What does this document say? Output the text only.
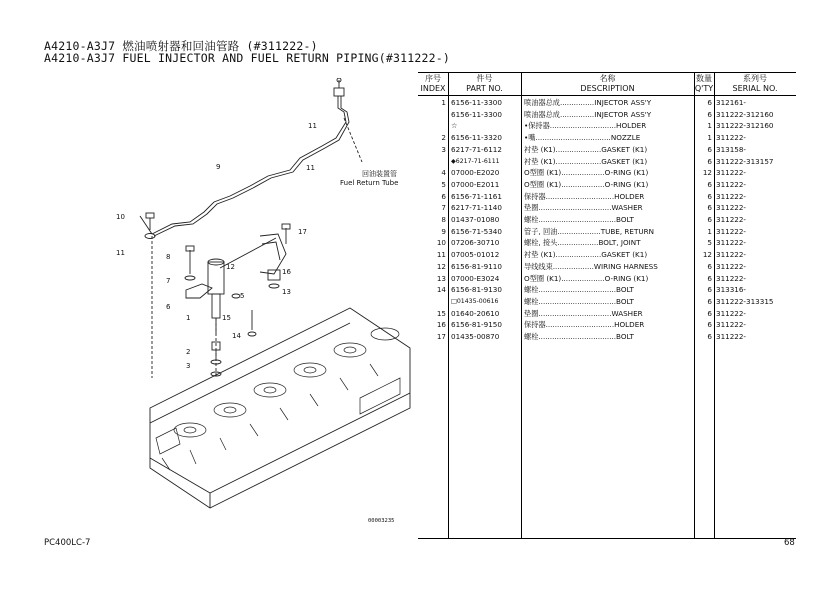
A4210-A3J7 燃油喷射器和回油管路 (#311222-)
A4210-A3J7 FUEL INJECTOR AND FUEL RETURN PIPING(#311222-)
11
11
9
10
11
17
8
12
16
7
6
5	13
1	15
14
2
3
回油装置管
Fuel Return Tube
00003235
序号
INDEX
件号
PART NO.
名称
DESCRIPTION
数量
Q'TY
系列号
SERIAL NO.
1 6156-11-3300	喷油器总成...............INJECTOR ASS'Y	6 312161-
6156-11-3300	喷油器总成...............INJECTOR ASS'Y	6 311222-312160
☆	•保持器.............................HOLDER	1 311222-312160
2 6156-11-3320	•嘴.................................NOZZLE	1 311222-
3 6217-71-6112	衬垫 (K1)....................GASKET (K1)	6 313158-
◆6217-71-6111	衬垫 (K1)....................GASKET (K1)	6 311222-313157
4 07000-E2020	O型圈 (K1)...................O-RING (K1)	12 311222-
5 07000-E2011	O型圈 (K1)...................O-RING (K1)	6 311222-
6 6156-71-1161	保持器..............................HOLDER	6 311222-
7 6217-71-1140	垫圈................................WASHER	6 311222-
8 01437-01080	螺栓..................................BOLT	6 311222-
9 6156-71-5340	管子, 回油...................TUBE, RETURN	1 311222-
10 07206-30710	螺栓, 接头..................BOLT, JOINT	5 311222-
11 07005-01012	衬垫 (K1)....................GASKET (K1)	12 311222-
12 6156-81-9110	导线线束..................WIRING HARNESS	6 311222-
13 07000-E3024	O型圈 (K1)...................O-RING (K1)	6 311222-
14 6156-81-9130	螺栓..................................BOLT	6 313316-
□01435-00616	螺栓..................................BOLT	6 311222-313315
15 01640-20610	垫圈................................WASHER	6 311222-
16 6156-81-9150	保持器..............................HOLDER	6 311222-
17 01435-00870	螺栓..................................BOLT	6 311222-
PC400LC-7	68
